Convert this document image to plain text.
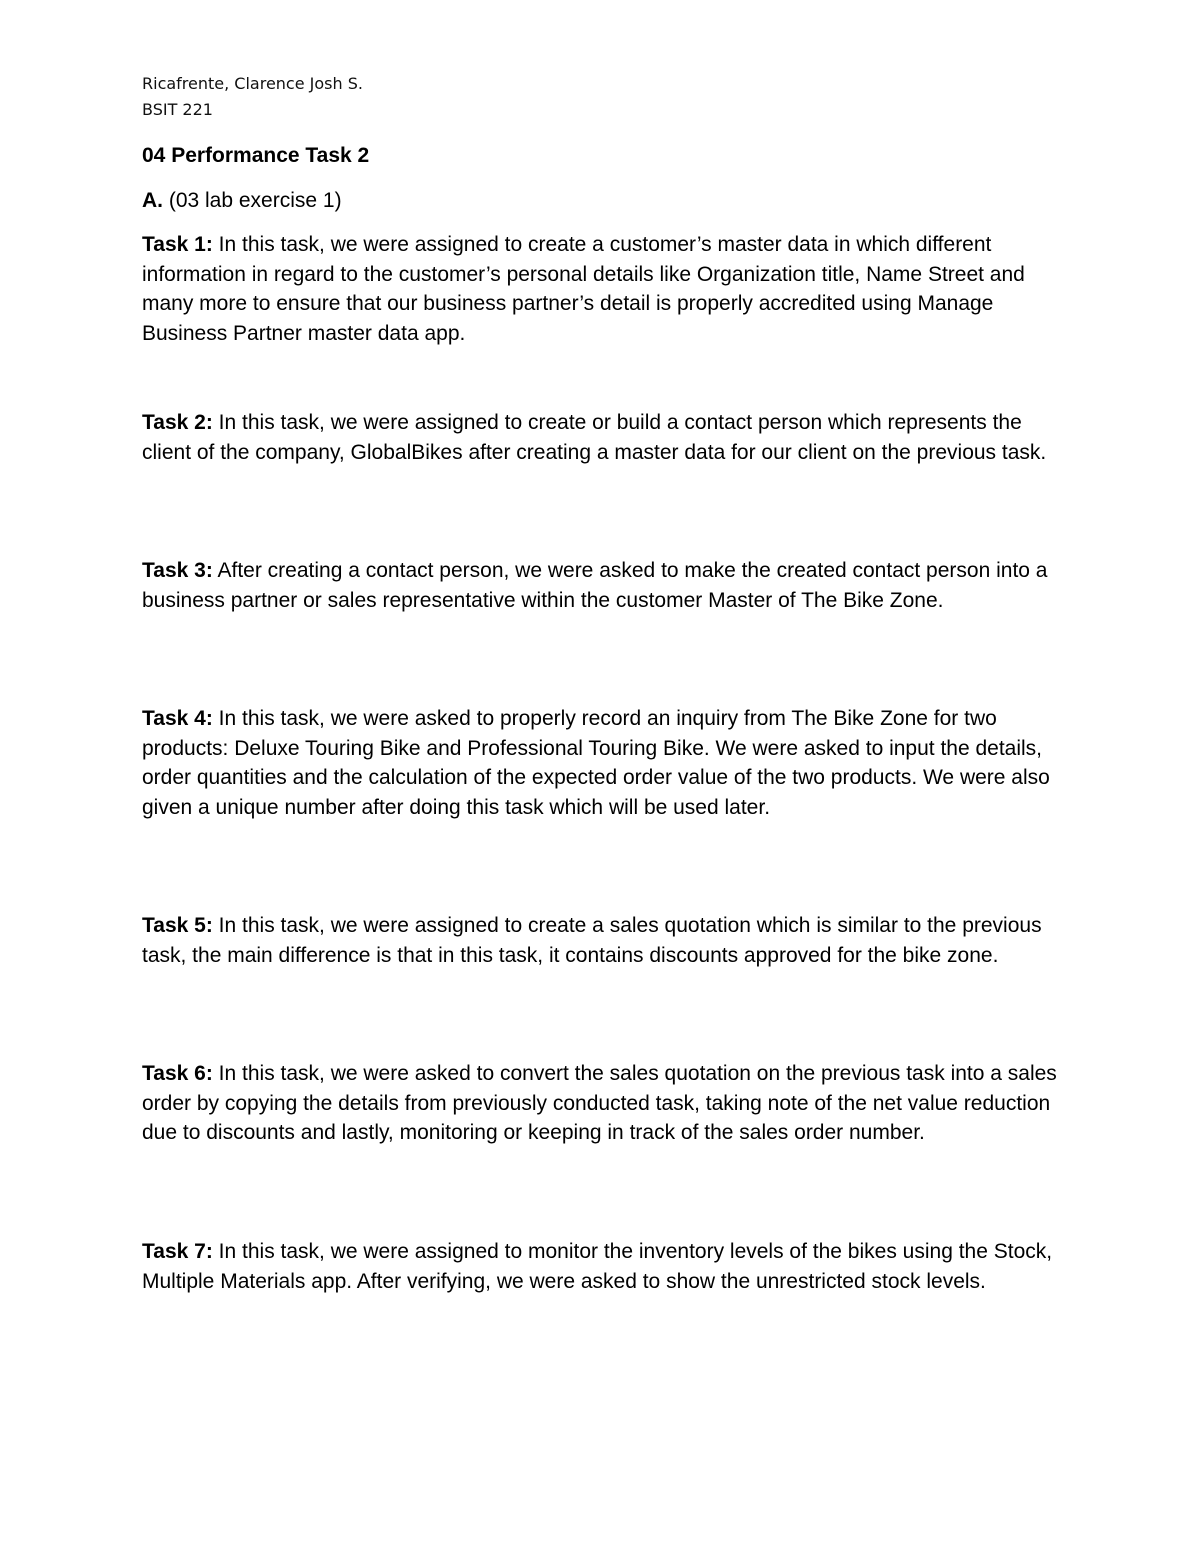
Ricafrente, Clarence Josh S.
BSIT 221
04 Performance Task 2
A. (03 lab exercise 1)

Task 1: In this task, we were assigned to create a customer’s master data in which different information in regard to the customer’s personal details like Organization title, Name Street and many more to ensure that our business partner’s detail is properly accredited using Manage Business Partner master data app.

Task 2: In this task, we were assigned to create or build a contact person which represents the client of the company, GlobalBikes after creating a master data for our client on the previous task.

Task 3: After creating a contact person, we were asked to make the created contact person into a business partner or sales representative within the customer Master of The Bike Zone.

Task 4: In this task, we were asked to properly record an inquiry from The Bike Zone for two products: Deluxe Touring Bike and Professional Touring Bike. We were asked to input the details, order quantities and the calculation of the expected order value of the two products. We were also given a unique number after doing this task which will be used later.

Task 5: In this task, we were assigned to create a sales quotation which is similar to the previous task, the main difference is that in this task, it contains discounts approved for the bike zone.

Task 6: In this task, we were asked to convert the sales quotation on the previous task into a sales order by copying the details from previously conducted task, taking note of the net value reduction due to discounts and lastly, monitoring or keeping in track of the sales order number.

Task 7: In this task, we were assigned to monitor the inventory levels of the bikes using the Stock, Multiple Materials app. After verifying, we were asked to show the unrestricted stock levels.
